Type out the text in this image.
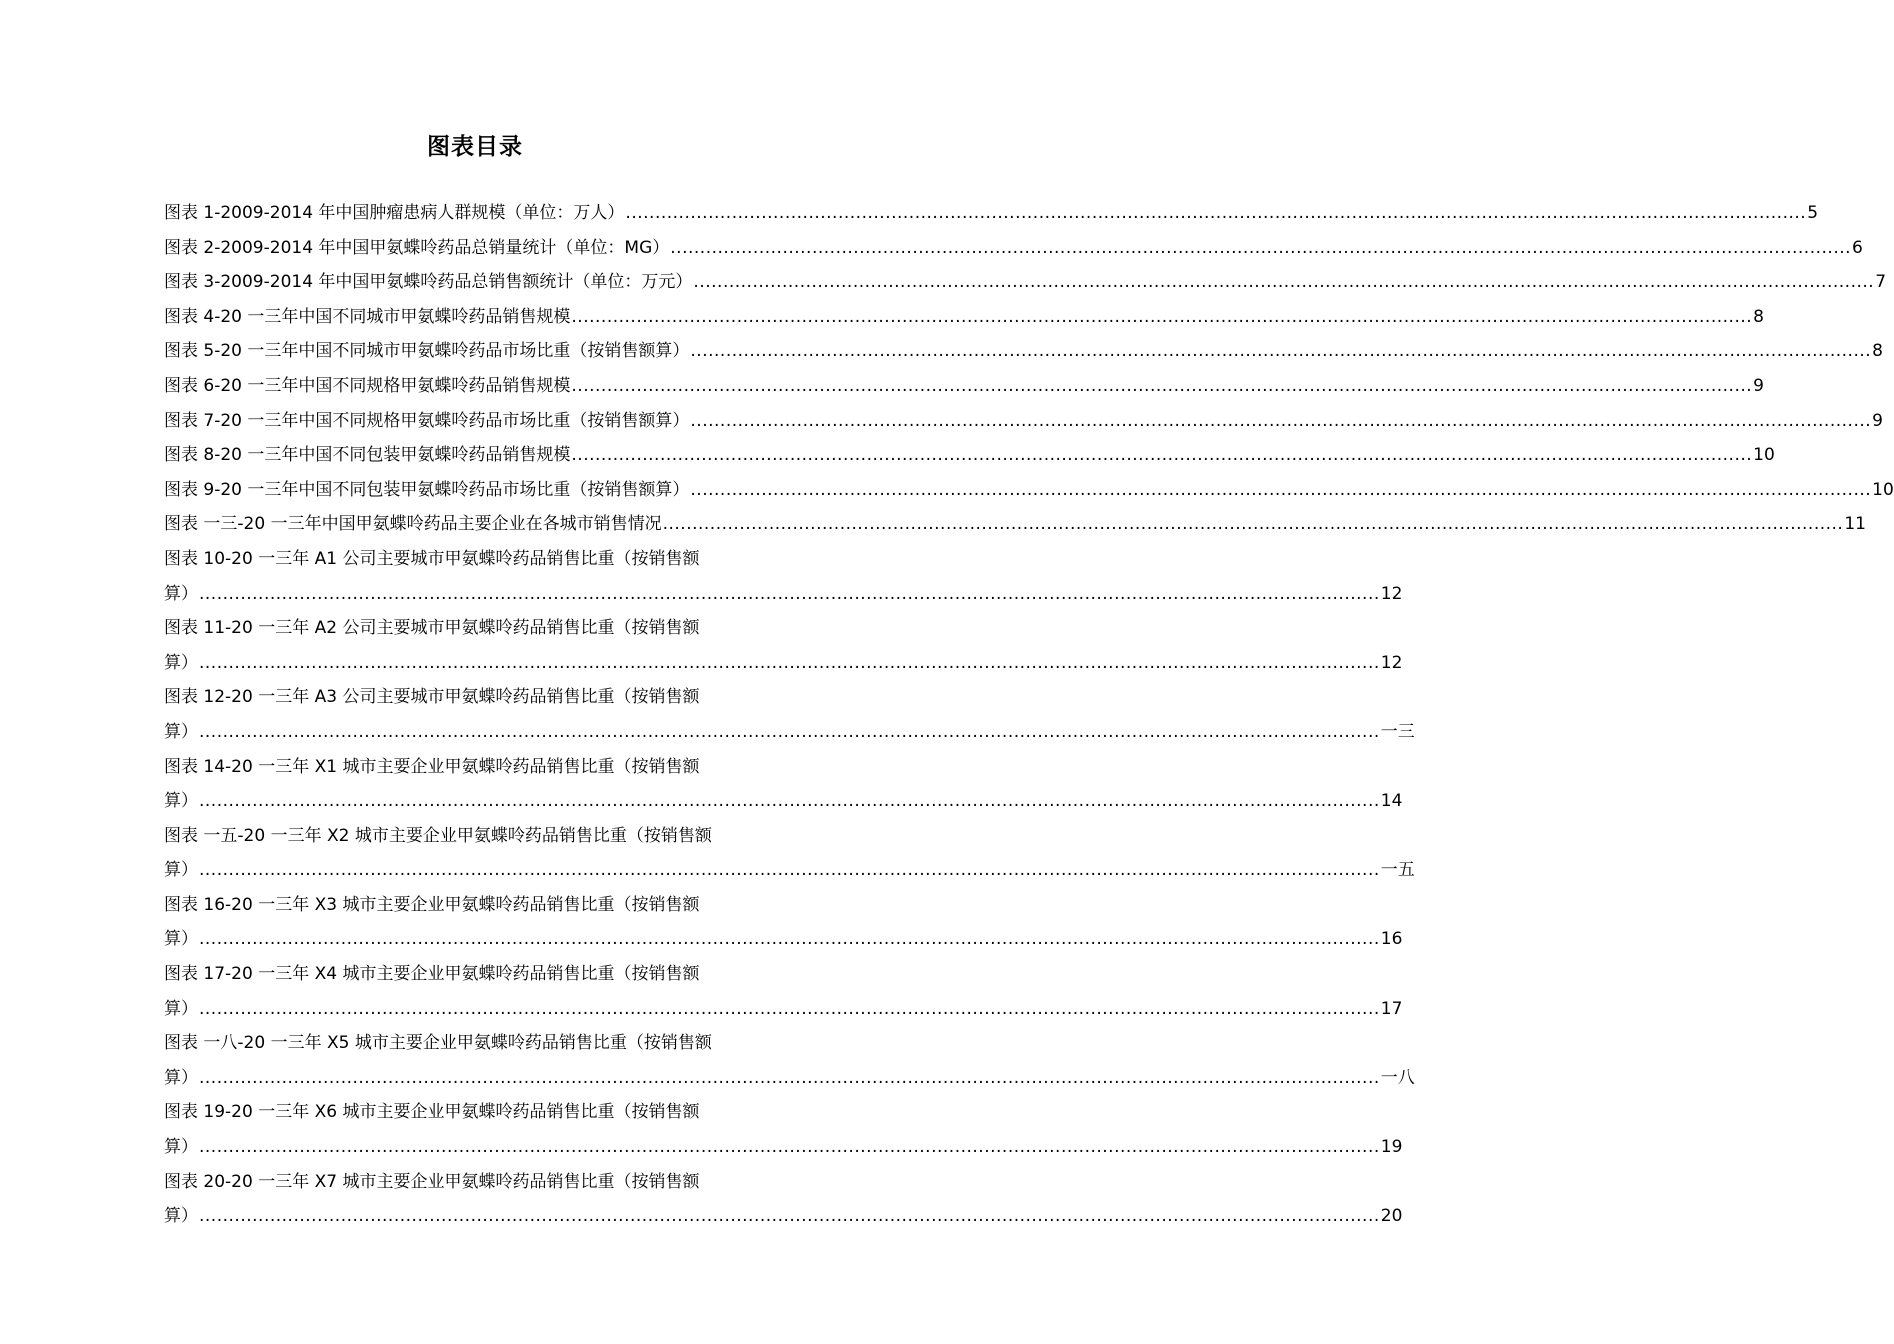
图表目录
图表 1-2009-2014 年中国肿瘤患病人群规模（单位：万人） ........................................................................................................................................................................................................ 5
图表 2-2009-2014 年中国甲氨蝶呤药品总销量统计（单位：MG） ........................................................................................................................................................................................................ 6
图表 3-2009-2014 年中国甲氨蝶呤药品总销售额统计（单位：万元） ........................................................................................................................................................................................................ 7
图表 4-20 一三年中国不同城市甲氨蝶呤药品销售规模 ........................................................................................................................................................................................................ 8
图表 5-20 一三年中国不同城市甲氨蝶呤药品市场比重（按销售额算） ........................................................................................................................................................................................................ 8
图表 6-20 一三年中国不同规格甲氨蝶呤药品销售规模 ........................................................................................................................................................................................................ 9
图表 7-20 一三年中国不同规格甲氨蝶呤药品市场比重（按销售额算） ........................................................................................................................................................................................................ 9
图表 8-20 一三年中国不同包装甲氨蝶呤药品销售规模 ........................................................................................................................................................................................................ 10
图表 9-20 一三年中国不同包装甲氨蝶呤药品市场比重（按销售额算） ........................................................................................................................................................................................................ 10
图表 一三-20 一三年中国甲氨蝶呤药品主要企业在各城市销售情况 ........................................................................................................................................................................................................ 11
图表 10-20 一三年 A1 公司主要城市甲氨蝶呤药品销售比重（按销售额
算） ........................................................................................................................................................................................................ 12
图表 11-20 一三年 A2 公司主要城市甲氨蝶呤药品销售比重（按销售额
算） ........................................................................................................................................................................................................ 12
图表 12-20 一三年 A3 公司主要城市甲氨蝶呤药品销售比重（按销售额
算） ........................................................................................................................................................................................................ 一三
图表 14-20 一三年 X1 城市主要企业甲氨蝶呤药品销售比重（按销售额
算） ........................................................................................................................................................................................................ 14
图表 一五-20 一三年 X2 城市主要企业甲氨蝶呤药品销售比重（按销售额
算） ........................................................................................................................................................................................................ 一五
图表 16-20 一三年 X3 城市主要企业甲氨蝶呤药品销售比重（按销售额
算） ........................................................................................................................................................................................................ 16
图表 17-20 一三年 X4 城市主要企业甲氨蝶呤药品销售比重（按销售额
算） ........................................................................................................................................................................................................ 17
图表 一八-20 一三年 X5 城市主要企业甲氨蝶呤药品销售比重（按销售额
算） ........................................................................................................................................................................................................ 一八
图表 19-20 一三年 X6 城市主要企业甲氨蝶呤药品销售比重（按销售额
算） ........................................................................................................................................................................................................ 19
图表 20-20 一三年 X7 城市主要企业甲氨蝶呤药品销售比重（按销售额
算） ........................................................................................................................................................................................................ 20
